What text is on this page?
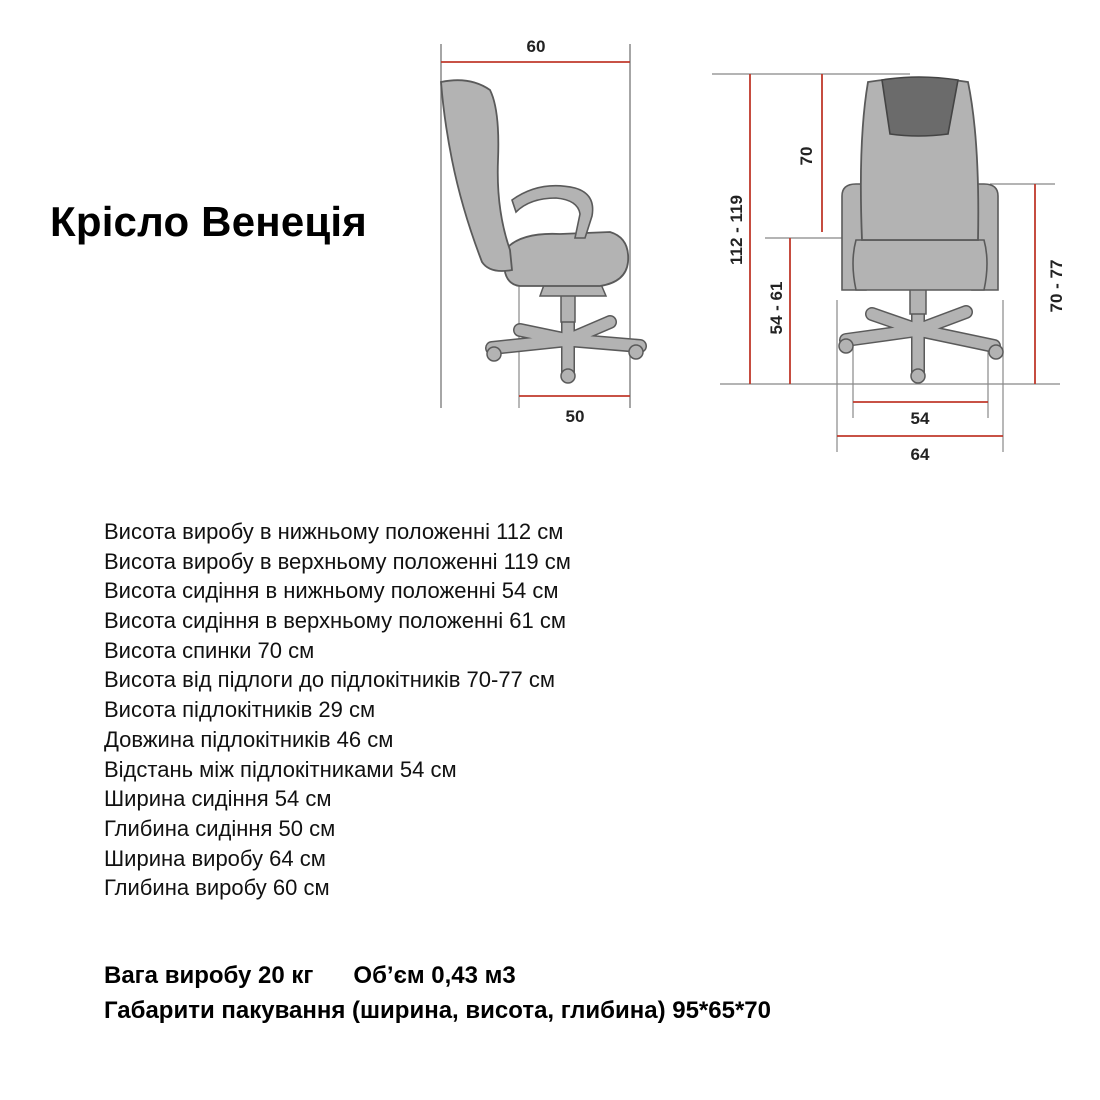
Крісло Венеція
60
50
112 - 119
54 - 61
70
70 - 77
54
64
Висота виробу в нижньому положенні 112 см
Висота виробу в верхньому положенні 119 см
Висота сидіння в нижньому положенні 54 см
Висота сидіння в верхньому положенні 61 см
Висота спинки 70 см
Висота від підлоги до підлокітників 70-77 см
Висота підлокітників 29 см
Довжина підлокітників 46 см
Відстань між підлокітниками 54 см
Ширина сидіння 54 см
Глибина сидіння 50 см
Ширина виробу 64 см
Глибина виробу 60 см
Вага виробу 20 кг Об’єм 0,43 м3
Габарити пакування (ширина, висота, глибина) 95*65*70
